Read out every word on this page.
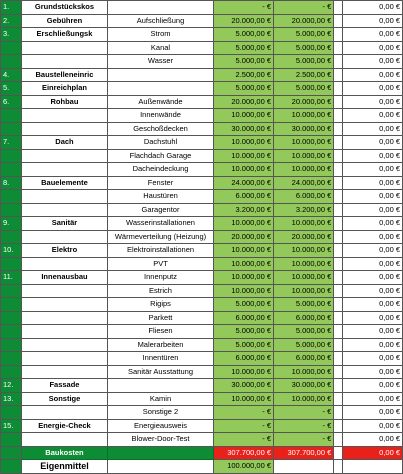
1.	Grundstückskos		- €	- €		0,00 €
2.	Gebühren	Aufschließung	20.000,00 €	20.000,00 €		0,00 €
3.	Erschließungsk	Strom	5.000,00 €	5.000,00 €		0,00 €
		Kanal	5.000,00 €	5.000,00 €		0,00 €
		Wasser	5.000,00 €	5.000,00 €		0,00 €
4.	Baustelleneinric		2.500,00 €	2.500,00 €		0,00 €
5.	Einreichplan		5.000,00 €	5.000,00 €		0,00 €
6.	Rohbau	Außenwände	20.000,00 €	20.000,00 €		0,00 €
		Innenwände	10.000,00 €	10.000,00 €		0,00 €
		Geschoßdecken	30.000,00 €	30.000,00 €		0,00 €
7.	Dach	Dachstuhl	10.000,00 €	10.000,00 €		0,00 €
		Flachdach Garage	10.000,00 €	10.000,00 €		0,00 €
		Dacheindeckung	10.000,00 €	10.000,00 €		0,00 €
8.	Bauelemente	Fenster	24.000,00 €	24.000,00 €		0,00 €
		Haustüren	6.000,00 €	6.000,00 €		0,00 €
		Garagentor	3.200,00 €	3.200,00 €		0,00 €
9.	Sanitär	Wasserinstallationen	10.000,00 €	10.000,00 €		0,00 €
		Wärmeverteilung (Heizung)	20.000,00 €	20.000,00 €		0,00 €
10.	Elektro	Elektroinstallationen	10.000,00 €	10.000,00 €		0,00 €
		PVT	10.000,00 €	10.000,00 €		0,00 €
11.	Innenausbau	Innenputz	10.000,00 €	10.000,00 €		0,00 €
		Estrich	10.000,00 €	10.000,00 €		0,00 €
		Rigips	5.000,00 €	5.000,00 €		0,00 €
		Parkett	6.000,00 €	6.000,00 €		0,00 €
		Fliesen	5.000,00 €	5.000,00 €		0,00 €
		Malerarbeiten	5.000,00 €	5.000,00 €		0,00 €
		Innentüren	6.000,00 €	6.000,00 €		0,00 €
		Sanitär Ausstattung	10.000,00 €	10.000,00 €		0,00 €
12.	Fassade		30.000,00 €	30.000,00 €		0,00 €
13.	Sonstige	Kamin	10.000,00 €	10.000,00 €		0,00 €
		Sonstige 2	- €	- €		0,00 €
15.	Energie-Check	Energieausweis	- €	- €		0,00 €
		Blower-Door-Test	- €	- €		0,00 €
	Baukosten		307.700,00 €	307.700,00 €		0,00 €
	Eigenmittel		100.000,00 €			
